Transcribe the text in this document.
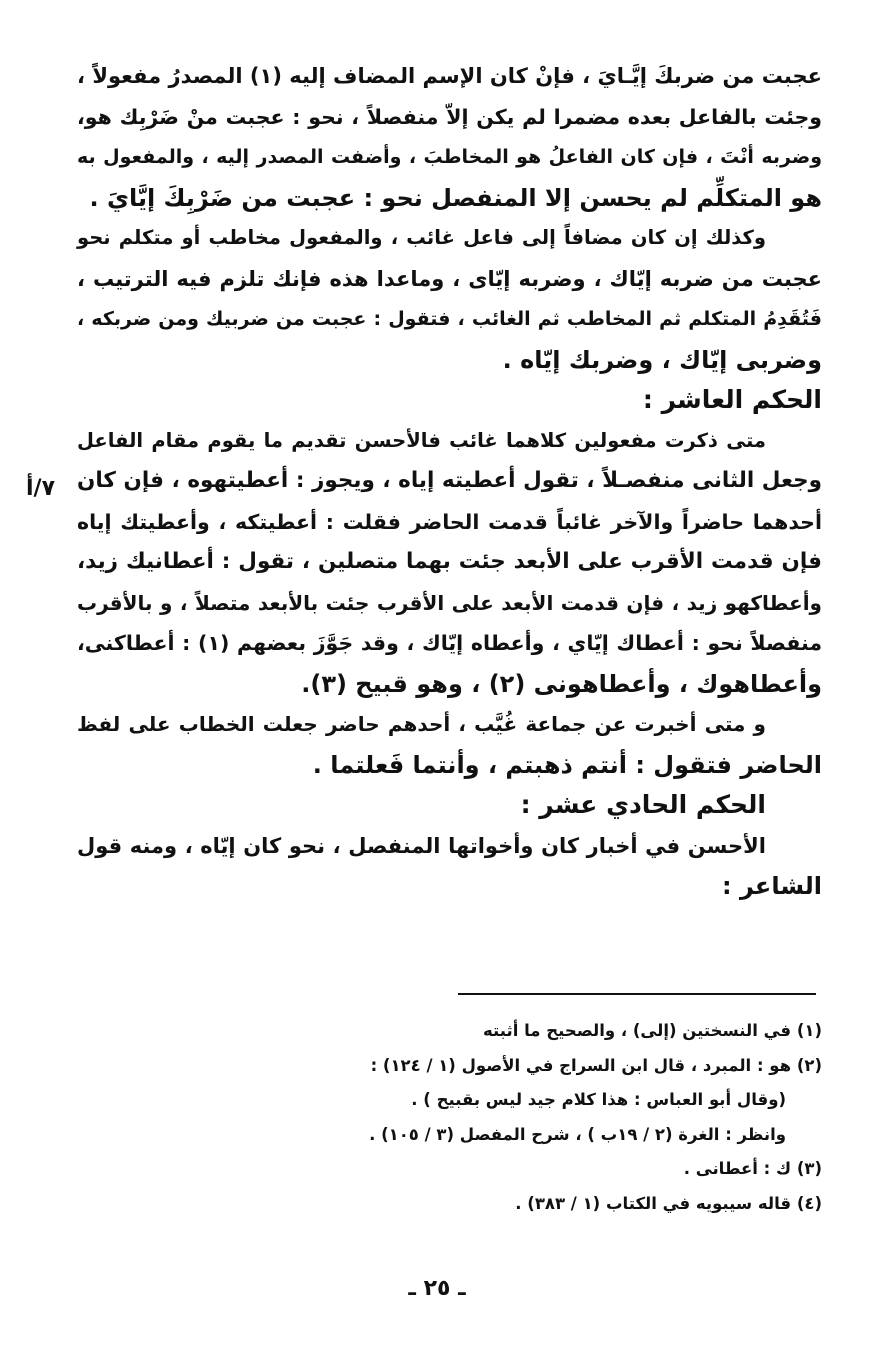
عجبت من ضربكَ إيَّـايَ ، فإنْ كان الإسم المضاف إليه (١) المصدرُ مفعولاً ،
وجئت بالفاعل بعده مضمرا لم يكن إلاّ منفصلاً ، نحو : عجبت منْ ضَرْبِك هو،
وضربه أنْتَ ، فإن كان الفاعلُ هو المخاطبَ ، وأضفت المصدر إليه ، والمفعول به
هو المتكلِّم لم يحسن إلا المنفصل نحو : عجبت من ضَرْبِكَ إيَّايَ .
وكذلك إن كان مضافاً إلى فاعل غائب ، والمفعول مخاطب أو متكلم نحو
عجبت من ضربه إيّاك ، وضربه إيّاى ، وماعدا هذه فإنك تلزم فيه الترتيب ،
فَتُقَدِمُ المتكلم ثم المخاطب ثم الغائب ، فتقول : عجبت من ضربيك ومن ضربكه ،
وضربى إيّاك ، وضربك إيّاه .
الحكم العاشر :
متى ذكرت مفعولين كلاهما غائب فالأحسن تقديم ما يقوم مقام الفاعل
وجعل الثانى منفصـلاً ، تقول أعطيته إياه ، ويجوز : أعطيتهوه ، فإن كان
أحدهما حاضراً والآخر غائباً قدمت الحاضر فقلت : أعطيتكه ، وأعطيتك إياه
فإن قدمت الأقرب على الأبعد جئت بهما متصلين ، تقول : أعطانيك زيد،
وأعطاكهو زيد ، فإن قدمت الأبعد على الأقرب جئت بالأبعد متصلاً ، و بالأقرب
منفصلاً نحو : أعطاك إيّاي ، وأعطاه إيّاك ، وقد جَوَّزَ بعضهم (١) : أعطاكنى،
وأعطاهوك ، وأعطاهونى (٢) ، وهو قبيح (٣).
و متى أخبرت عن جماعة غُيَّب ، أحدهم حاضر جعلت الخطاب على لفظ
الحاضر فتقول : أنتم ذهبتم ، وأنتما فَعلتما .
الحكم الحادي عشر :
الأحسن في أخبار كان وأخواتها المنفصل ، نحو كان إيّاه ، ومنه قول
الشاعر :
٧/أ
(١) في النسختين (إلى) ، والصحيح ما أثبته
(٢) هو : المبرد ، قال ابن السراج في الأصول (١ / ١٢٤) :
(وقال أبو العباس : هذا كلام جيد ليس بقبيح ) .
وانظر : الغرة (٢ / ١٩ب ) ، شرح المفصل (٣ / ١٠٥) .
(٣) ك : أعطانى .
(٤) قاله سيبويه في الكتاب (١ / ٣٨٣) .
ـ ٢٥ ـ
